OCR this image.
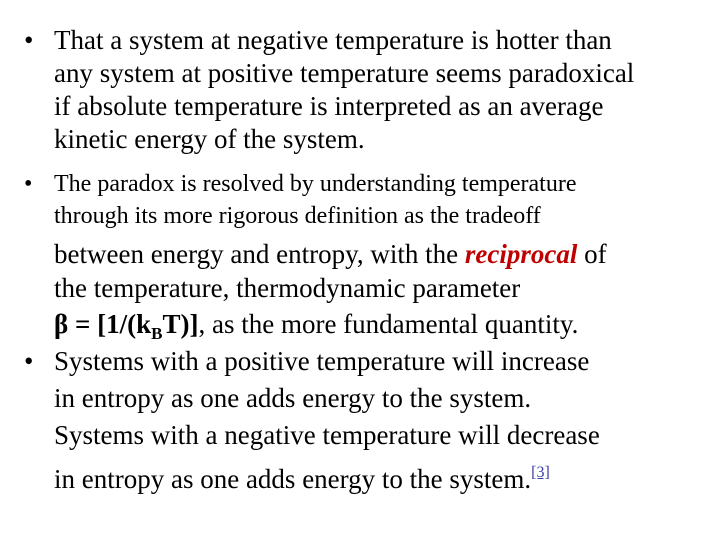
• That a system at negative temperature is hotter than
any system at positive temperature seems paradoxical
if absolute temperature is interpreted as an average
kinetic energy of the system.
• The paradox is resolved by understanding temperature
through its more rigorous definition as the tradeoff
between energy and entropy, with the reciprocal of
the temperature, thermodynamic parameter
$\beta = [1/(k_BT)]$, as the more fundamental quantity.
• Systems with a positive temperature will increase
in entropy as one adds energy to the system.
Systems with a negative temperature will decrease
in entropy as one adds energy to the system.[3]
